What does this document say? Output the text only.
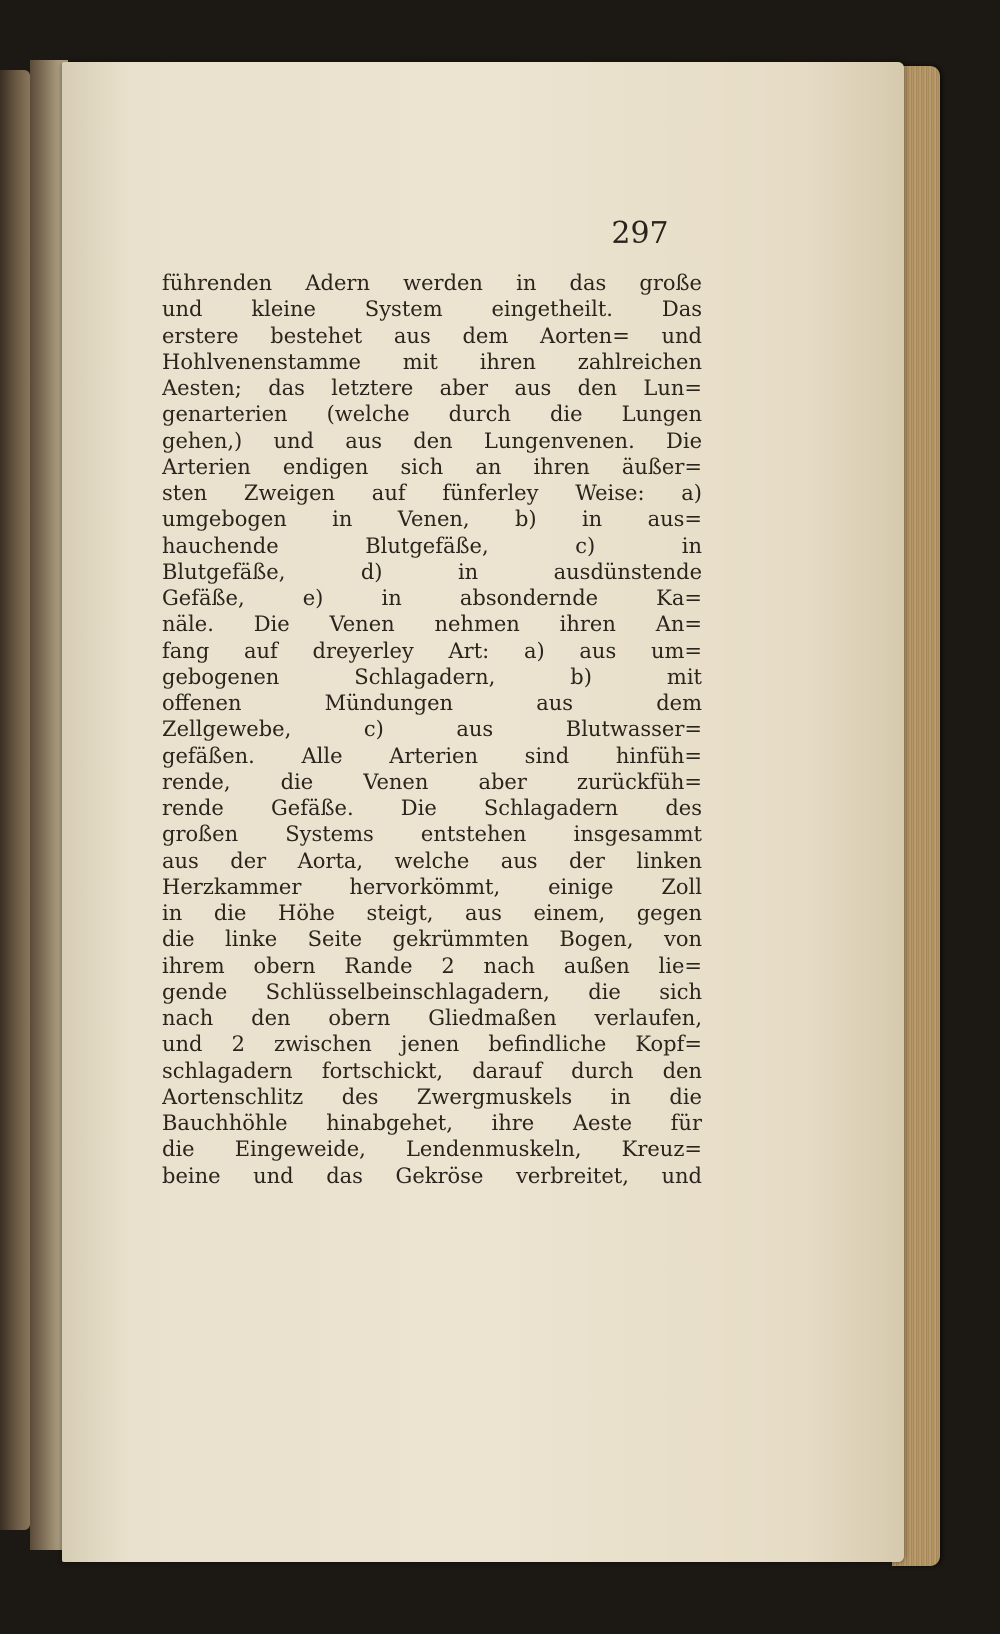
297
führenden Adern werden in das große
und kleine System eingetheilt. Das
erstere bestehet aus dem Aorten= und
Hohlvenenstamme mit ihren zahlreichen
Aesten; das letztere aber aus den Lun=
genarterien (welche durch die Lungen
gehen,) und aus den Lungenvenen. Die
Arterien endigen sich an ihren äußer=
sten Zweigen auf fünferley Weise: a)
umgebogen in Venen, b) in aus=
hauchende Blutgefäße, c) in
Blutgefäße, d) in ausdünstende
Gefäße, e) in absondernde Ka=
näle. Die Venen nehmen ihren An=
fang auf dreyerley Art: a) aus um=
gebogenen Schlagadern, b) mit
offenen Mündungen aus dem
Zellgewebe, c) aus Blutwasser=
gefäßen. Alle Arterien sind hinfüh=
rende, die Venen aber zurückfüh=
rende Gefäße. Die Schlagadern des
großen Systems entstehen insgesammt
aus der Aorta, welche aus der linken
Herzkammer hervorkömmt, einige Zoll
in die Höhe steigt, aus einem, gegen
die linke Seite gekrümmten Bogen, von
ihrem obern Rande 2 nach außen lie=
gende Schlüsselbeinschlagadern, die sich
nach den obern Gliedmaßen verlaufen,
und 2 zwischen jenen befindliche Kopf=
schlagadern fortschickt, darauf durch den
Aortenschlitz des Zwergmuskels in die
Bauchhöhle hinabgehet, ihre Aeste für
die Eingeweide, Lendenmuskeln, Kreuz=
beine und das Gekröse verbreitet, und
